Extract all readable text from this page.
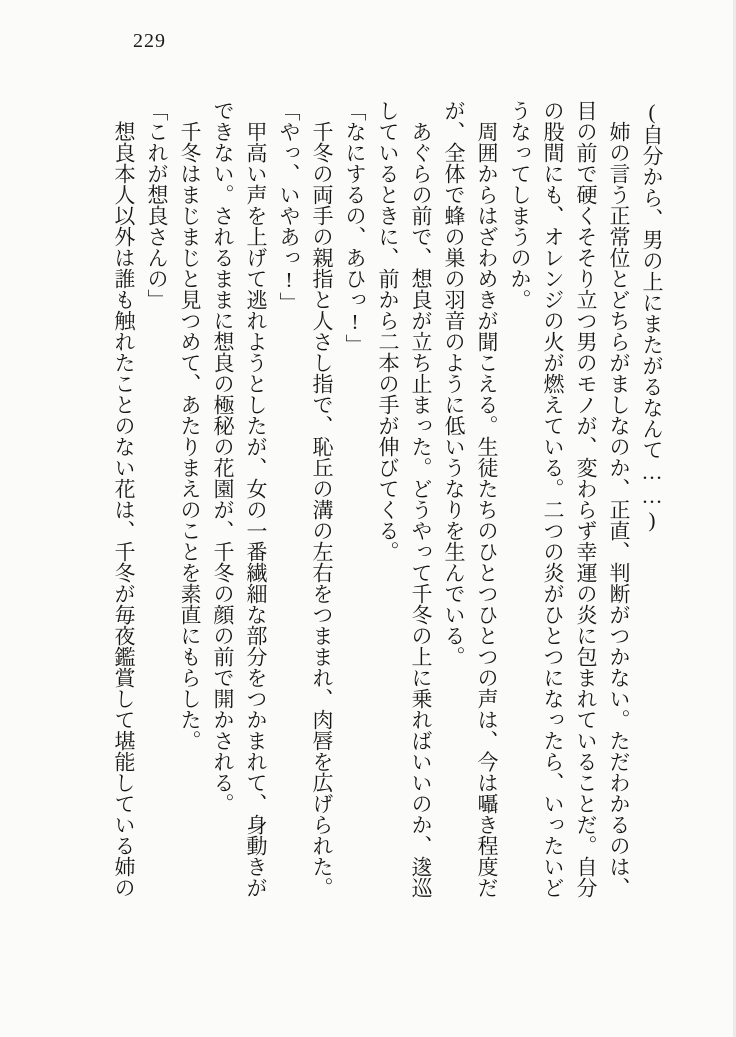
229

(自分から、男の上にまたがるなんて……)

姉の言う正常位とどちらがましなのか、正直、判断がつかない。ただわかるのは、

目の前で硬くそそり立つ男のモノが、変わらず幸運の炎に包まれていることだ。自分

の股間にも、オレンジの火が燃えている。二つの炎がひとつになったら、いったいど

うなってしまうのか。

周囲からはざわめきが聞こえる。生徒たちのひとつひとつの声は、今は囁き程度だ

が、全体で蜂の巣の羽音のように低いうなりを生んでいる。

あぐらの前で、想良が立ち止まった。どうやって千冬の上に乗ればいいのか、逡巡

しているときに、前から二本の手が伸びてくる。

「なにするの、あひっ!」

千冬の両手の親指と人さし指で、恥丘の溝の左右をつままれ、肉唇を広げられた。

「やっ、いやあっ!」

甲高い声を上げて逃れようとしたが、女の一番繊細な部分をつかまれて、身動きが

できない。されるままに想良の極秘の花園が、千冬の顔の前で開かされる。

千冬はまじまじと見つめて、あたりまえのことを素直にもらした。

「これが想良さんの」

想良本人以外は誰も触れたことのない花は、千冬が毎夜鑑賞して堪能している姉の
